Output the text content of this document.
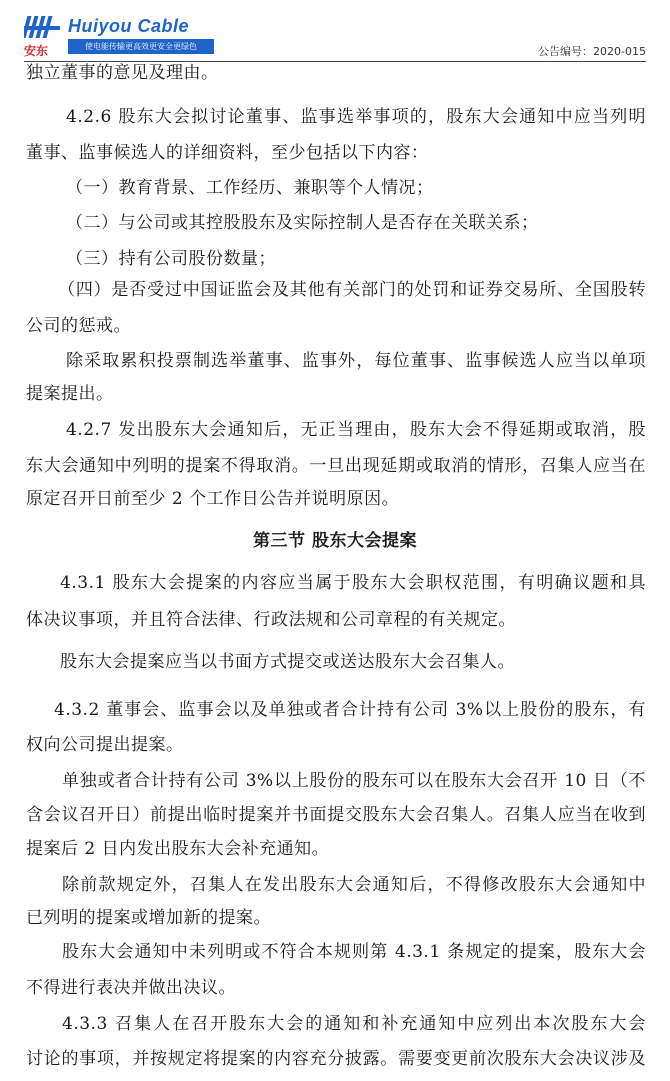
Huiyou Cable
安东	使电能传输更高效更安全更绿色	公告编号：2020-015
独立董事的意见及理由。
4.2.6 股东大会拟讨论董事、监事选举事项的，股东大会通知中应当列明
董事、监事候选人的详细资料，至少包括以下内容：
（一）教育背景、工作经历、兼职等个人情况；
（二）与公司或其控股股东及实际控制人是否存在关联关系；
（三）持有公司股份数量；
（四）是否受过中国证监会及其他有关部门的处罚和证券交易所、全国股转
公司的惩戒。
除采取累积投票制选举董事、监事外，每位董事、监事候选人应当以单项
提案提出。
4.2.7 发出股东大会通知后，无正当理由，股东大会不得延期或取消，股
东大会通知中列明的提案不得取消。一旦出现延期或取消的情形，召集人应当在
原定召开日前至少 2 个工作日公告并说明原因。
第三节 股东大会提案
4.3.1 股东大会提案的内容应当属于股东大会职权范围，有明确议题和具
体决议事项，并且符合法律、行政法规和公司章程的有关规定。
股东大会提案应当以书面方式提交或送达股东大会召集人。
4.3.2 董事会、监事会以及单独或者合计持有公司 3%以上股份的股东，有
权向公司提出提案。
单独或者合计持有公司 3%以上股份的股东可以在股东大会召开 10 日（不
含会议召开日）前提出临时提案并书面提交股东大会召集人。召集人应当在收到
提案后 2 日内发出股东大会补充通知。
除前款规定外，召集人在发出股东大会通知后，不得修改股东大会通知中
已列明的提案或增加新的提案。
股东大会通知中未列明或不符合本规则第 4.3.1 条规定的提案，股东大会
不得进行表决并做出决议。
4.3.3 召集人在召开股东大会的通知和补充通知中应列出本次股东大会
讨论的事项，并按规定将提案的内容充分披露。需要变更前次股东大会决议涉及
